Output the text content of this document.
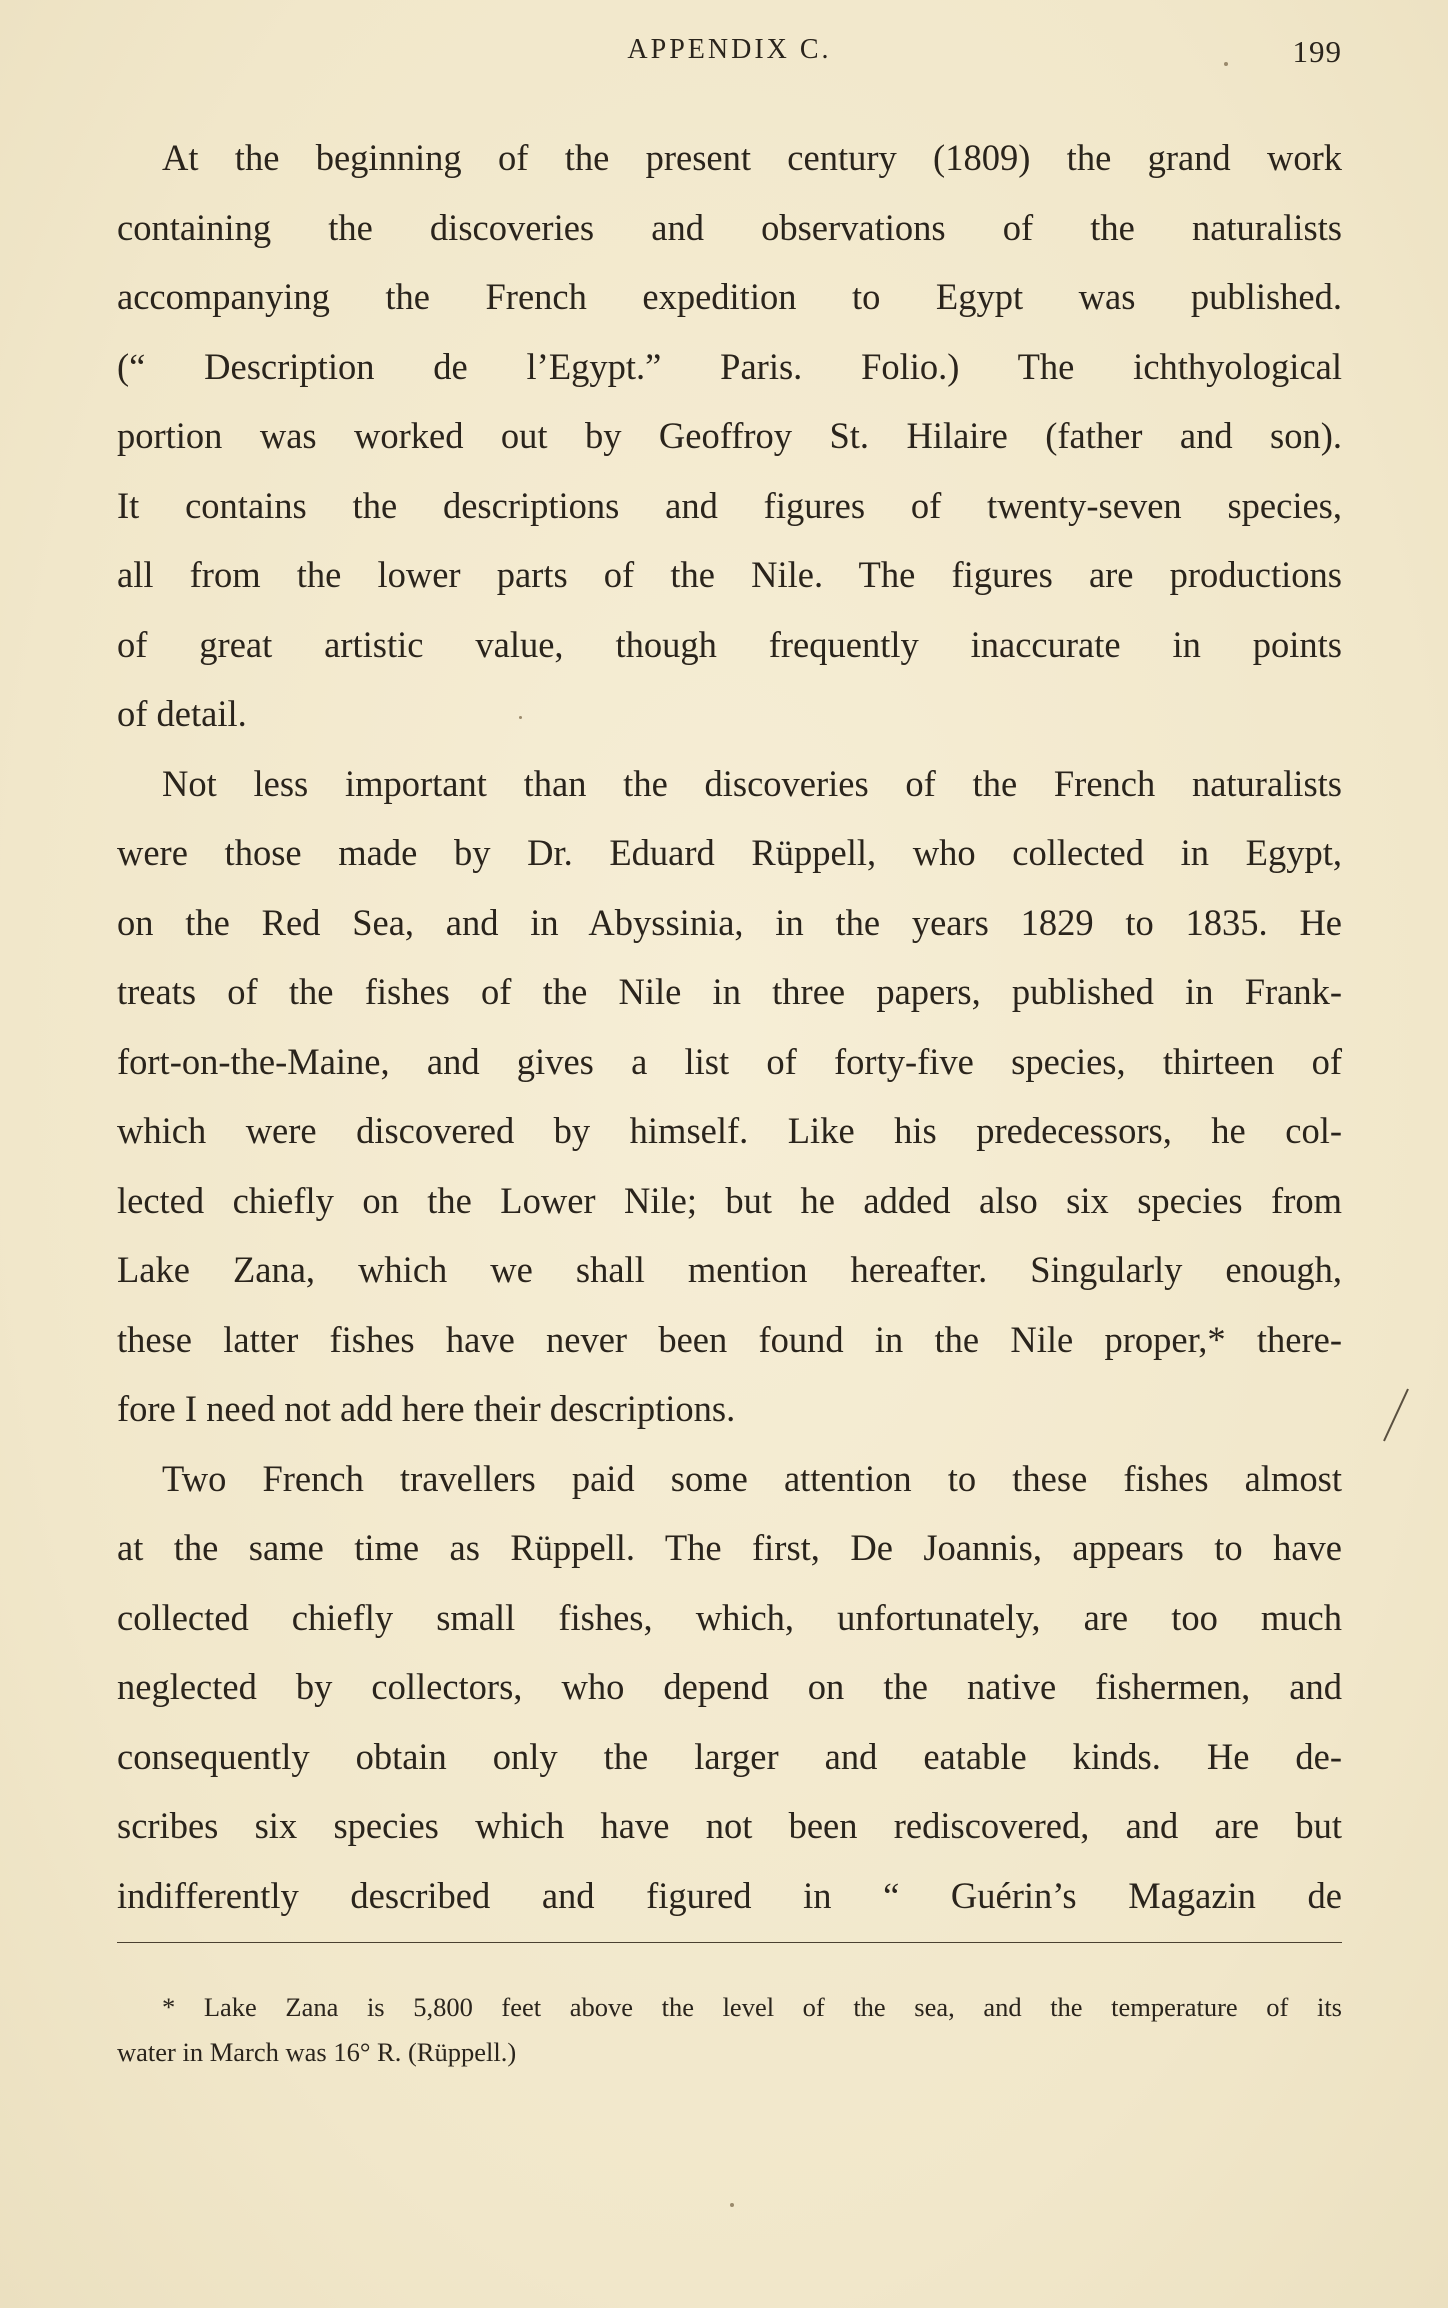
APPENDIX C.	199
At the beginning of the present century (1809) the grand work
containing the discoveries and observations of the naturalists
accompanying the French expedition to Egypt was published.
(“ Description de l’Egypt.” Paris. Folio.) The ichthyological
portion was worked out by Geoffroy St. Hilaire (father and son).
It contains the descriptions and figures of twenty-seven species,
all from the lower parts of the Nile. The figures are productions
of great artistic value, though frequently inaccurate in points
of detail.
Not less important than the discoveries of the French naturalists
were those made by Dr. Eduard Rüppell, who collected in Egypt,
on the Red Sea, and in Abyssinia, in the years 1829 to 1835. He
treats of the fishes of the Nile in three papers, published in Frank-
fort-on-the-Maine, and gives a list of forty-five species, thirteen of
which were discovered by himself. Like his predecessors, he col-
lected chiefly on the Lower Nile; but he added also six species from
Lake Zana, which we shall mention hereafter. Singularly enough,
these latter fishes have never been found in the Nile proper,* there-
fore I need not add here their descriptions.
Two French travellers paid some attention to these fishes almost
at the same time as Rüppell. The first, De Joannis, appears to have
collected chiefly small fishes, which, unfortunately, are too much
neglected by collectors, who depend on the native fishermen, and
consequently obtain only the larger and eatable kinds. He de-
scribes six species which have not been rediscovered, and are but
indifferently described and figured in “ Guérin’s Magazin de
* Lake Zana is 5,800 feet above the level of the sea, and the temperature of its
water in March was 16° R. (Rüppell.)
